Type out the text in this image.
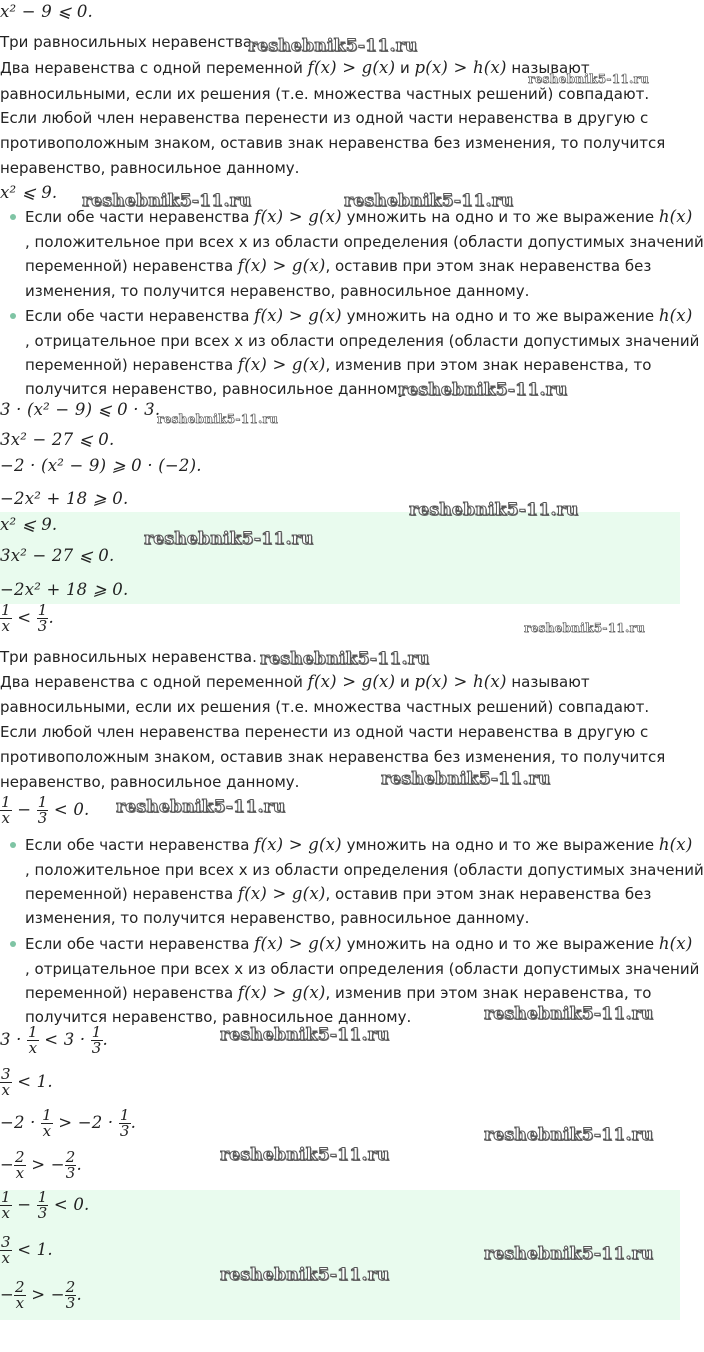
x² − 9 ⩽ 0.
Три равносильных неравенства.
Два неравенства с одной переменной f(x) > g(x) и p(x) > h(x) называют
равносильными, если их решения (т.е. множества частных решений) совпадают.
Если любой член неравенства перенести из одной части неравенства в другую с
противоположным знаком, оставив знак неравенства без изменения, то получится
неравенство, равносильное данному.
x² ⩽ 9.
Если обе части неравенства f(x) > g(x) умножить на одно и то же выражение h(x)
, положительное при всех x из области определения (области допустимых значений
переменной) неравенства f(x) > g(x), оставив при этом знак неравенства без
изменения, то получится неравенство, равносильное данному.
Если обе части неравенства f(x) > g(x) умножить на одно и то же выражение h(x)
, отрицательное при всех x из области определения (области допустимых значений
переменной) неравенства f(x) > g(x), изменив при этом знак неравенства, то
получится неравенство, равносильное данному.
3 · (x² − 9) ⩽ 0 · 3.
3x² − 27 ⩽ 0.
−2 · (x² − 9) ⩾ 0 · (−2).
−2x² + 18 ⩾ 0.
x² ⩽ 9.
3x² − 27 ⩽ 0.
−2x² + 18 ⩾ 0.
$\frac{1}{x} < \frac{1}{3}$ .
Три равносильных неравенства.
Два неравенства с одной переменной f(x) > g(x) и p(x) > h(x) называют
равносильными, если их решения (т.е. множества частных решений) совпадают.
Если любой член неравенства перенести из одной части неравенства в другую с
противоположным знаком, оставив знак неравенства без изменения, то получится
неравенство, равносильное данному.
$\frac{1}{x} - \frac{1}{3} < 0$.
Если обе части неравенства f(x) > g(x) умножить на одно и то же выражение h(x)
, положительное при всех x из области определения (области допустимых значений
переменной) неравенства f(x) > g(x), оставив при этом знак неравенства без
изменения, то получится неравенство, равносильное данному.
Если обе части неравенства f(x) > g(x) умножить на одно и то же выражение h(x)
, отрицательное при всех x из области определения (области допустимых значений
переменной) неравенства f(x) > g(x), изменив при этом знак неравенства, то
получится неравенство, равносильное данному.
$3 \cdot \frac{1}{x} < 3 \cdot \frac{1}{3}$ .
$\frac{3}{x} < 1$.
$-2 \cdot \frac{1}{x} > -2 \cdot \frac{1}{3}$ .
− $\frac{2}{x}$ > − $\frac{2}{3}$ .
$\frac{1}{x} - \frac{1}{3} < 0$.
$\frac{3}{x} < 1$.
− $\frac{2}{x}$ > − $\frac{2}{3}$ .
reshebnik5-11.ru
reshebnik5-11.ru
reshebnik5-11.ru	reshebnik5-11.ru
reshebnik5-11.ru
reshebnik5-11.ru
reshebnik5-11.ru
reshebnik5-11.ru
reshebnik5-11.ru
reshebnik5-11.ru
reshebnik5-11.ru
reshebnik5-11.ru
reshebnik5-11.ru
reshebnik5-11.ru
reshebnik5-11.ru
reshebnik5-11.ru
reshebnik5-11.ru
reshebnik5-11.ru
